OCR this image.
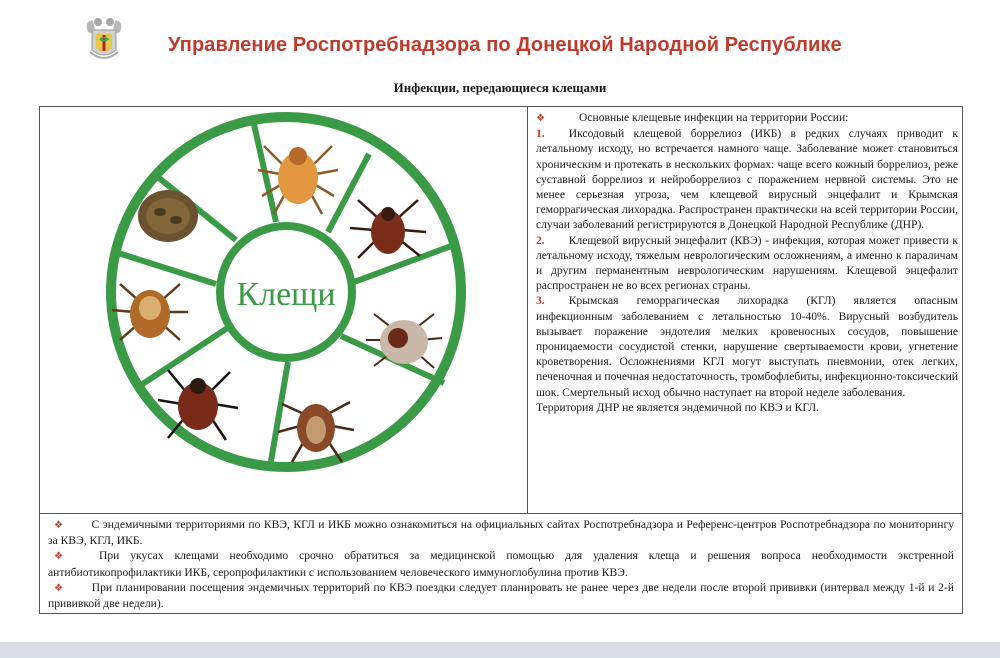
Управление Роспотребнадзора по Донецкой Народной Республике
Инфекции, передающиеся клещами
Клещи

❖	Основные клещевые инфекции на территории России:

1. Иксодовый клещевой боррелиоз (ИКБ) в редких случаях приводит к летальному исходу, но встречается намного чаще. Заболевание может становиться хроническим и протекать в нескольких формах: чаще всего кожный боррелиоз, реже суставной боррелиоз и нейроборрелиоз с поражением нервной системы. Это не менее серьезная угроза, чем клещевой вирусный энцефалит и Крымская геморрагическая лихорадка. Распространен практически на всей территории России, случаи заболеваний регистрируются в Донецкой Народной Республике (ДНР).

2. Клещевой вирусный энцефалит (КВЭ) - инфекция, которая может привести к летальному исходу, тяжелым неврологическим осложнениям, а именно к параличам и другим перманентным неврологическим нарушениям. Клещевой энцефалит распространен не во всех регионах страны.

3. Крымская геморрагическая лихорадка (КГЛ) является опасным инфекционным заболеванием с летальностью 10-40%. Вирусный возбудитель вызывает поражение эндотелия мелких кровеносных сосудов, повышение проницаемости сосудистой стенки, нарушение свертываемости крови, угнетение кроветворения. Осложнениями КГЛ могут выступать пневмонии, отек легких, печеночная и почечная недостаточность, тромбофлебиты, инфекционно-токсический шок. Смертельный исход обычно наступает на второй неделе заболевания.

Территория ДНР не является эндемичной по КВЭ и КГЛ.

❖ С эндемичными территориями по КВЭ, КГЛ и ИКБ можно ознакомиться на официальных сайтах Роспотребнадзора и Референс-центров Роспотребнадзора по мониторингу за КВЭ, КГЛ, ИКБ.

❖ При укусах клещами необходимо срочно обратиться за медицинской помощью для удаления клеща и решения вопроса необходимости экстренной антибиотикопрофилактики ИКБ, серопрофилактики с использованием человеческого иммуноглобулина против КВЭ.

❖ При планировании посещения эндемичных территорий по КВЭ поездки следует планировать не ранее через две недели после второй прививки (интервал между 1-й и 2-й прививкой две недели).
